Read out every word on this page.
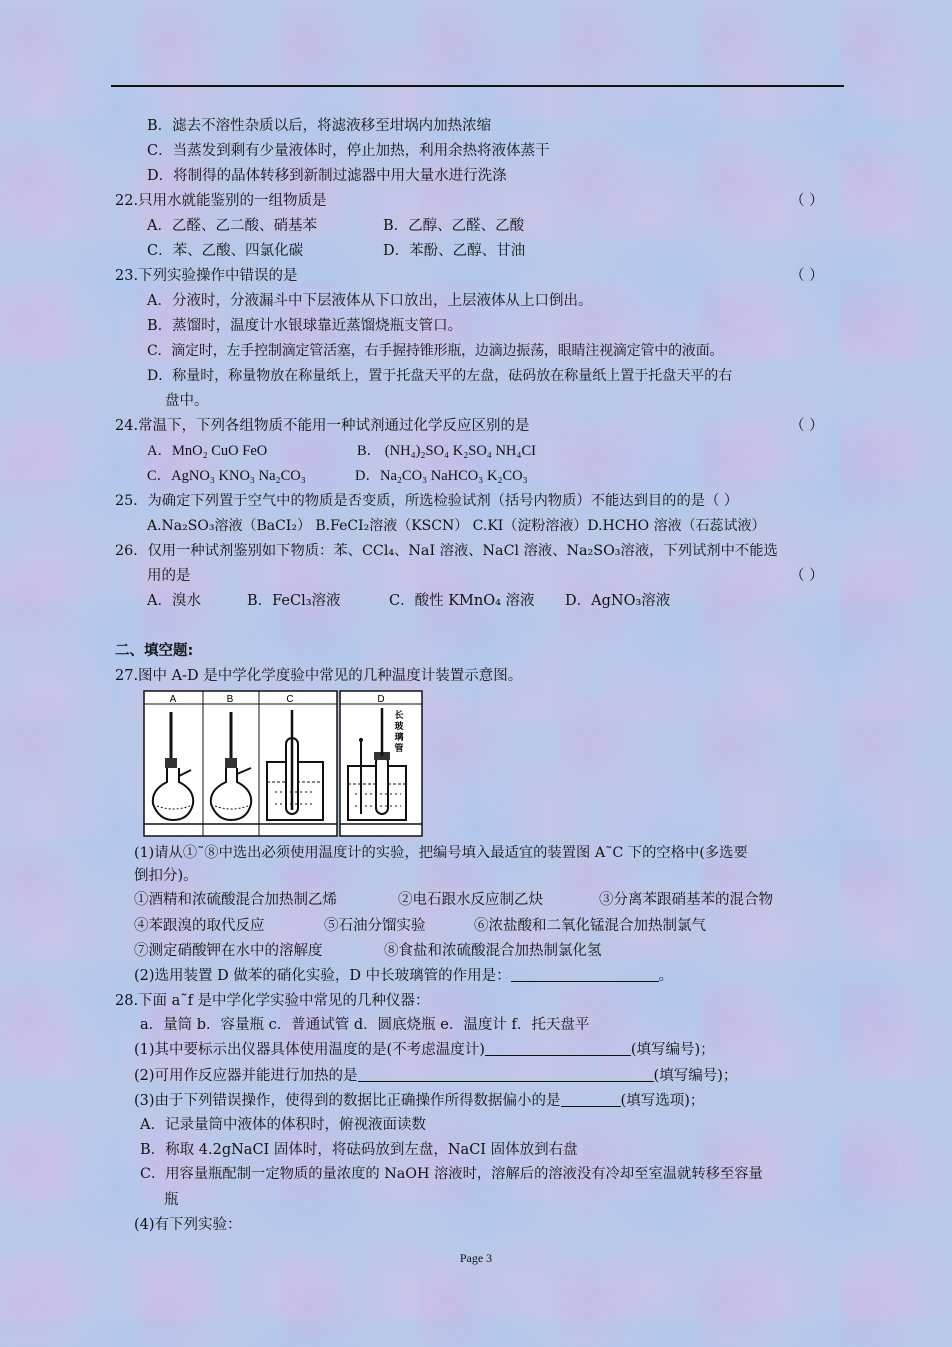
B．滤去不溶性杂质以后，将滤液移至坩埚内加热浓缩
C．当蒸发到剩有少量液体时，停止加热，利用余热将液体蒸干
D．将制得的晶体转移到新制过滤器中用大量水进行洗涤
22.只用水就能鉴别的一组物质是	（ ）
A．乙醛、乙二酸、硝基苯	B．乙醇、乙醛、乙酸
C．苯、乙酸、四氯化碳	D．苯酚、乙醇、甘油
23.下列实验操作中错误的是	（ ）
A．分液时，分液漏斗中下层液体从下口放出，上层液体从上口倒出。
B．蒸馏时，温度计水银球靠近蒸馏烧瓶支管口。
C．滴定时，左手控制滴定管活塞，右手握持锥形瓶，边滴边振荡，眼睛注视滴定管中的液面。
D．称量时，称量物放在称量纸上，置于托盘天平的左盘，砝码放在称量纸上置于托盘天平的右
盘中。
24.常温下，下列各组物质不能用一种试剂通过化学反应区别的是	（ ）
A．MnO₂ CuO FeO	B． (NH₄)₂SO₄ K₂SO₄ NH₄CI
C．AgNO₃ KNO₃ Na₂CO₃	D．Na₂CO₃ NaHCO₃ K₂CO₃
25．为确定下列置于空气中的物质是否变质，所选检验试剂（括号内物质）不能达到目的的是（ ）
A.Na₂SO₃溶液（BaCI₂） B.FeCI₂溶液（KSCN） C.KI（淀粉溶液）D.HCHO 溶液（石蕊试液）
26．仅用一种试剂鉴别如下物质：苯、CCl₄、NaI 溶液、NaCl 溶液、Na₂SO₃溶液，下列试剂中不能选
用的是	（ ）
A．溴水	B．FeCl₃溶液	C．酸性 KMnO₄ 溶液 D．AgNO₃溶液
二、填空题:
27.图中 A-D 是中学化学度验中常见的几种温度计装置示意图。
A	B	C	D
长
玻
璃
管
(1)请从①˜⑧中选出必须使用温度计的实验，把编号填入最适宜的装置图 A˜C 下的空格中(多选要
倒扣分)。
①酒精和浓硫酸混合加热制乙烯	②电石跟水反应制乙炔	③分离苯跟硝基苯的混合物
④苯跟溴的取代反应	⑤石油分馏实验	⑥浓盐酸和二氧化锰混合加热制氯气
⑦测定硝酸钾在水中的溶解度	⑧食盐和浓硫酸混合加热制氯化氢
(2)选用装置 D 做苯的硝化实验，D 中长玻璃管的作用是：	。
28.下面 a˜f 是中学化学实验中常见的几种仪器：
a．量筒 b．容量瓶 c．普通试管 d．圆底烧瓶 e．温度计 f．托天盘平
(1)其中要标示出仪器具体使用温度的是(不考虑温度计)	(填写编号)；
(2)可用作反应器并能进行加热的是	(填写编号)；
(3)由于下列错误操作，使得到的数据比正确操作所得数据偏小的是	(填写选项)；
A．记录量筒中液体的体积时，俯视液面读数
B．称取 4.2gNaCI 固体时，将砝码放到左盘，NaCI 固体放到右盘
C．用容量瓶配制一定物质的量浓度的 NaOH 溶液时，溶解后的溶液没有冷却至室温就转移至容量
瓶
(4)有下列实验：
Page 3
